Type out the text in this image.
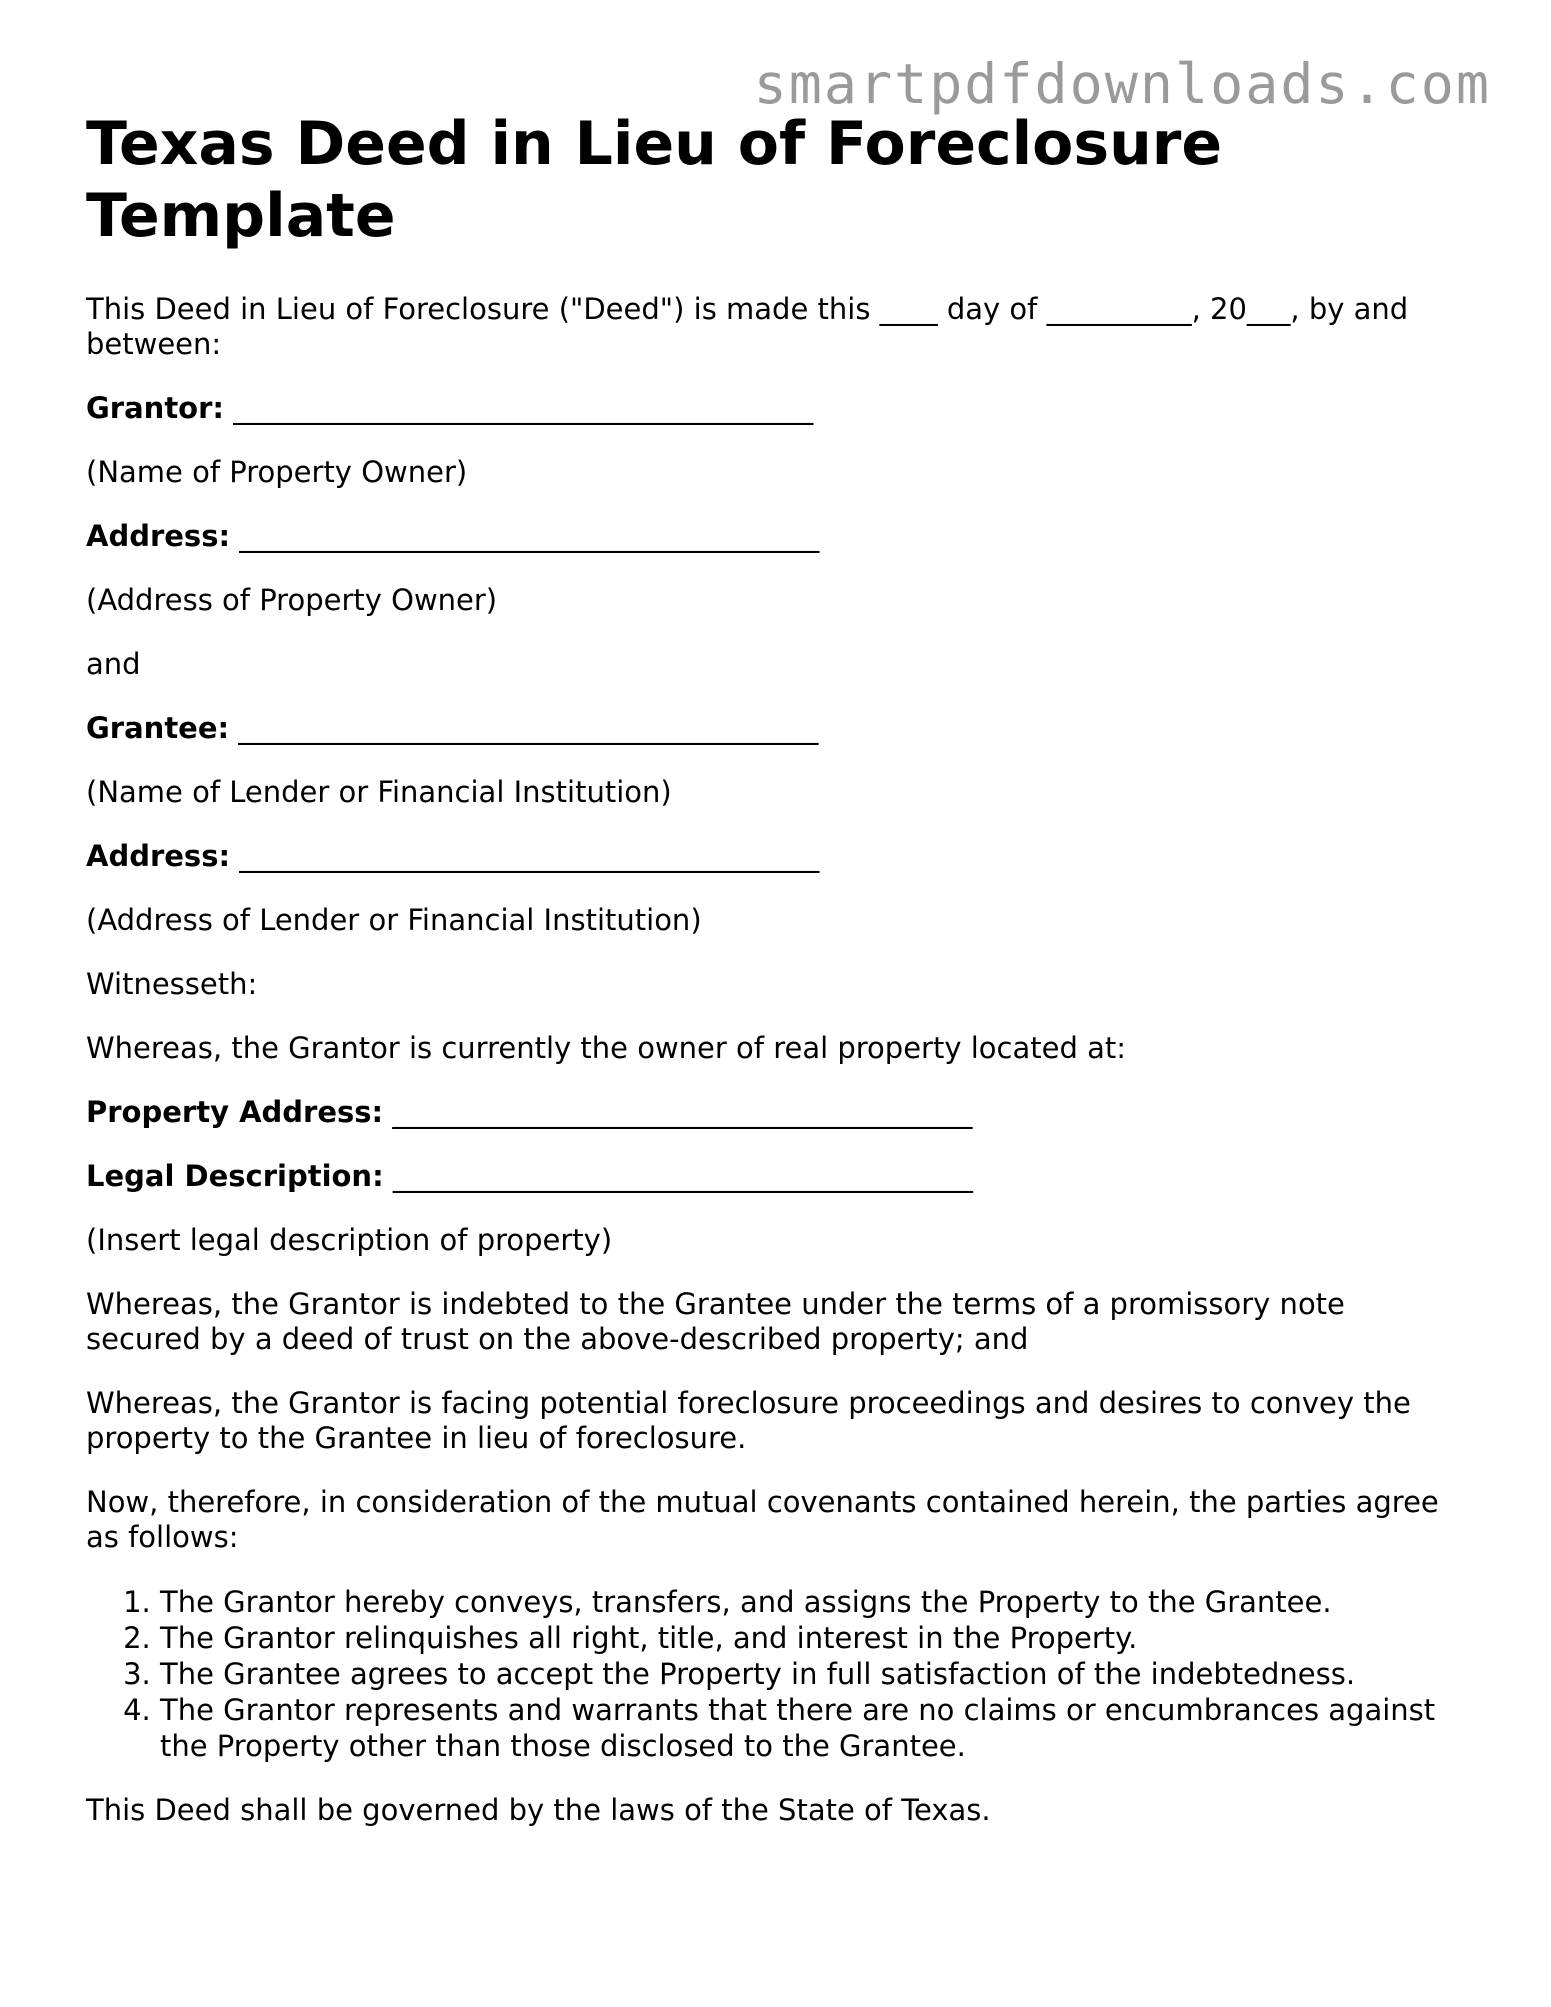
smartpdfdownloads.com
Texas Deed in Lieu of Foreclosure Template

This Deed in Lieu of Foreclosure ("Deed") is made this ____ day of __________, 20___, by and between:

Grantor: ________________________________________

(Name of Property Owner)

Address: ________________________________________

(Address of Property Owner)

and

Grantee: ________________________________________

(Name of Lender or Financial Institution)

Address: ________________________________________

(Address of Lender or Financial Institution)

Witnesseth:

Whereas, the Grantor is currently the owner of real property located at:

Property Address: ________________________________________

Legal Description: ________________________________________

(Insert legal description of property)

Whereas, the Grantor is indebted to the Grantee under the terms of a promissory note secured by a deed of trust on the above-described property; and

Whereas, the Grantor is facing potential foreclosure proceedings and desires to convey the property to the Grantee in lieu of foreclosure.

Now, therefore, in consideration of the mutual covenants contained herein, the parties agree as follows:

1. The Grantor hereby conveys, transfers, and assigns the Property to the Grantee.
2. The Grantor relinquishes all right, title, and interest in the Property.
3. The Grantee agrees to accept the Property in full satisfaction of the indebtedness.
4. The Grantor represents and warrants that there are no claims or encumbrances against the Property other than those disclosed to the Grantee.

This Deed shall be governed by the laws of the State of Texas.
